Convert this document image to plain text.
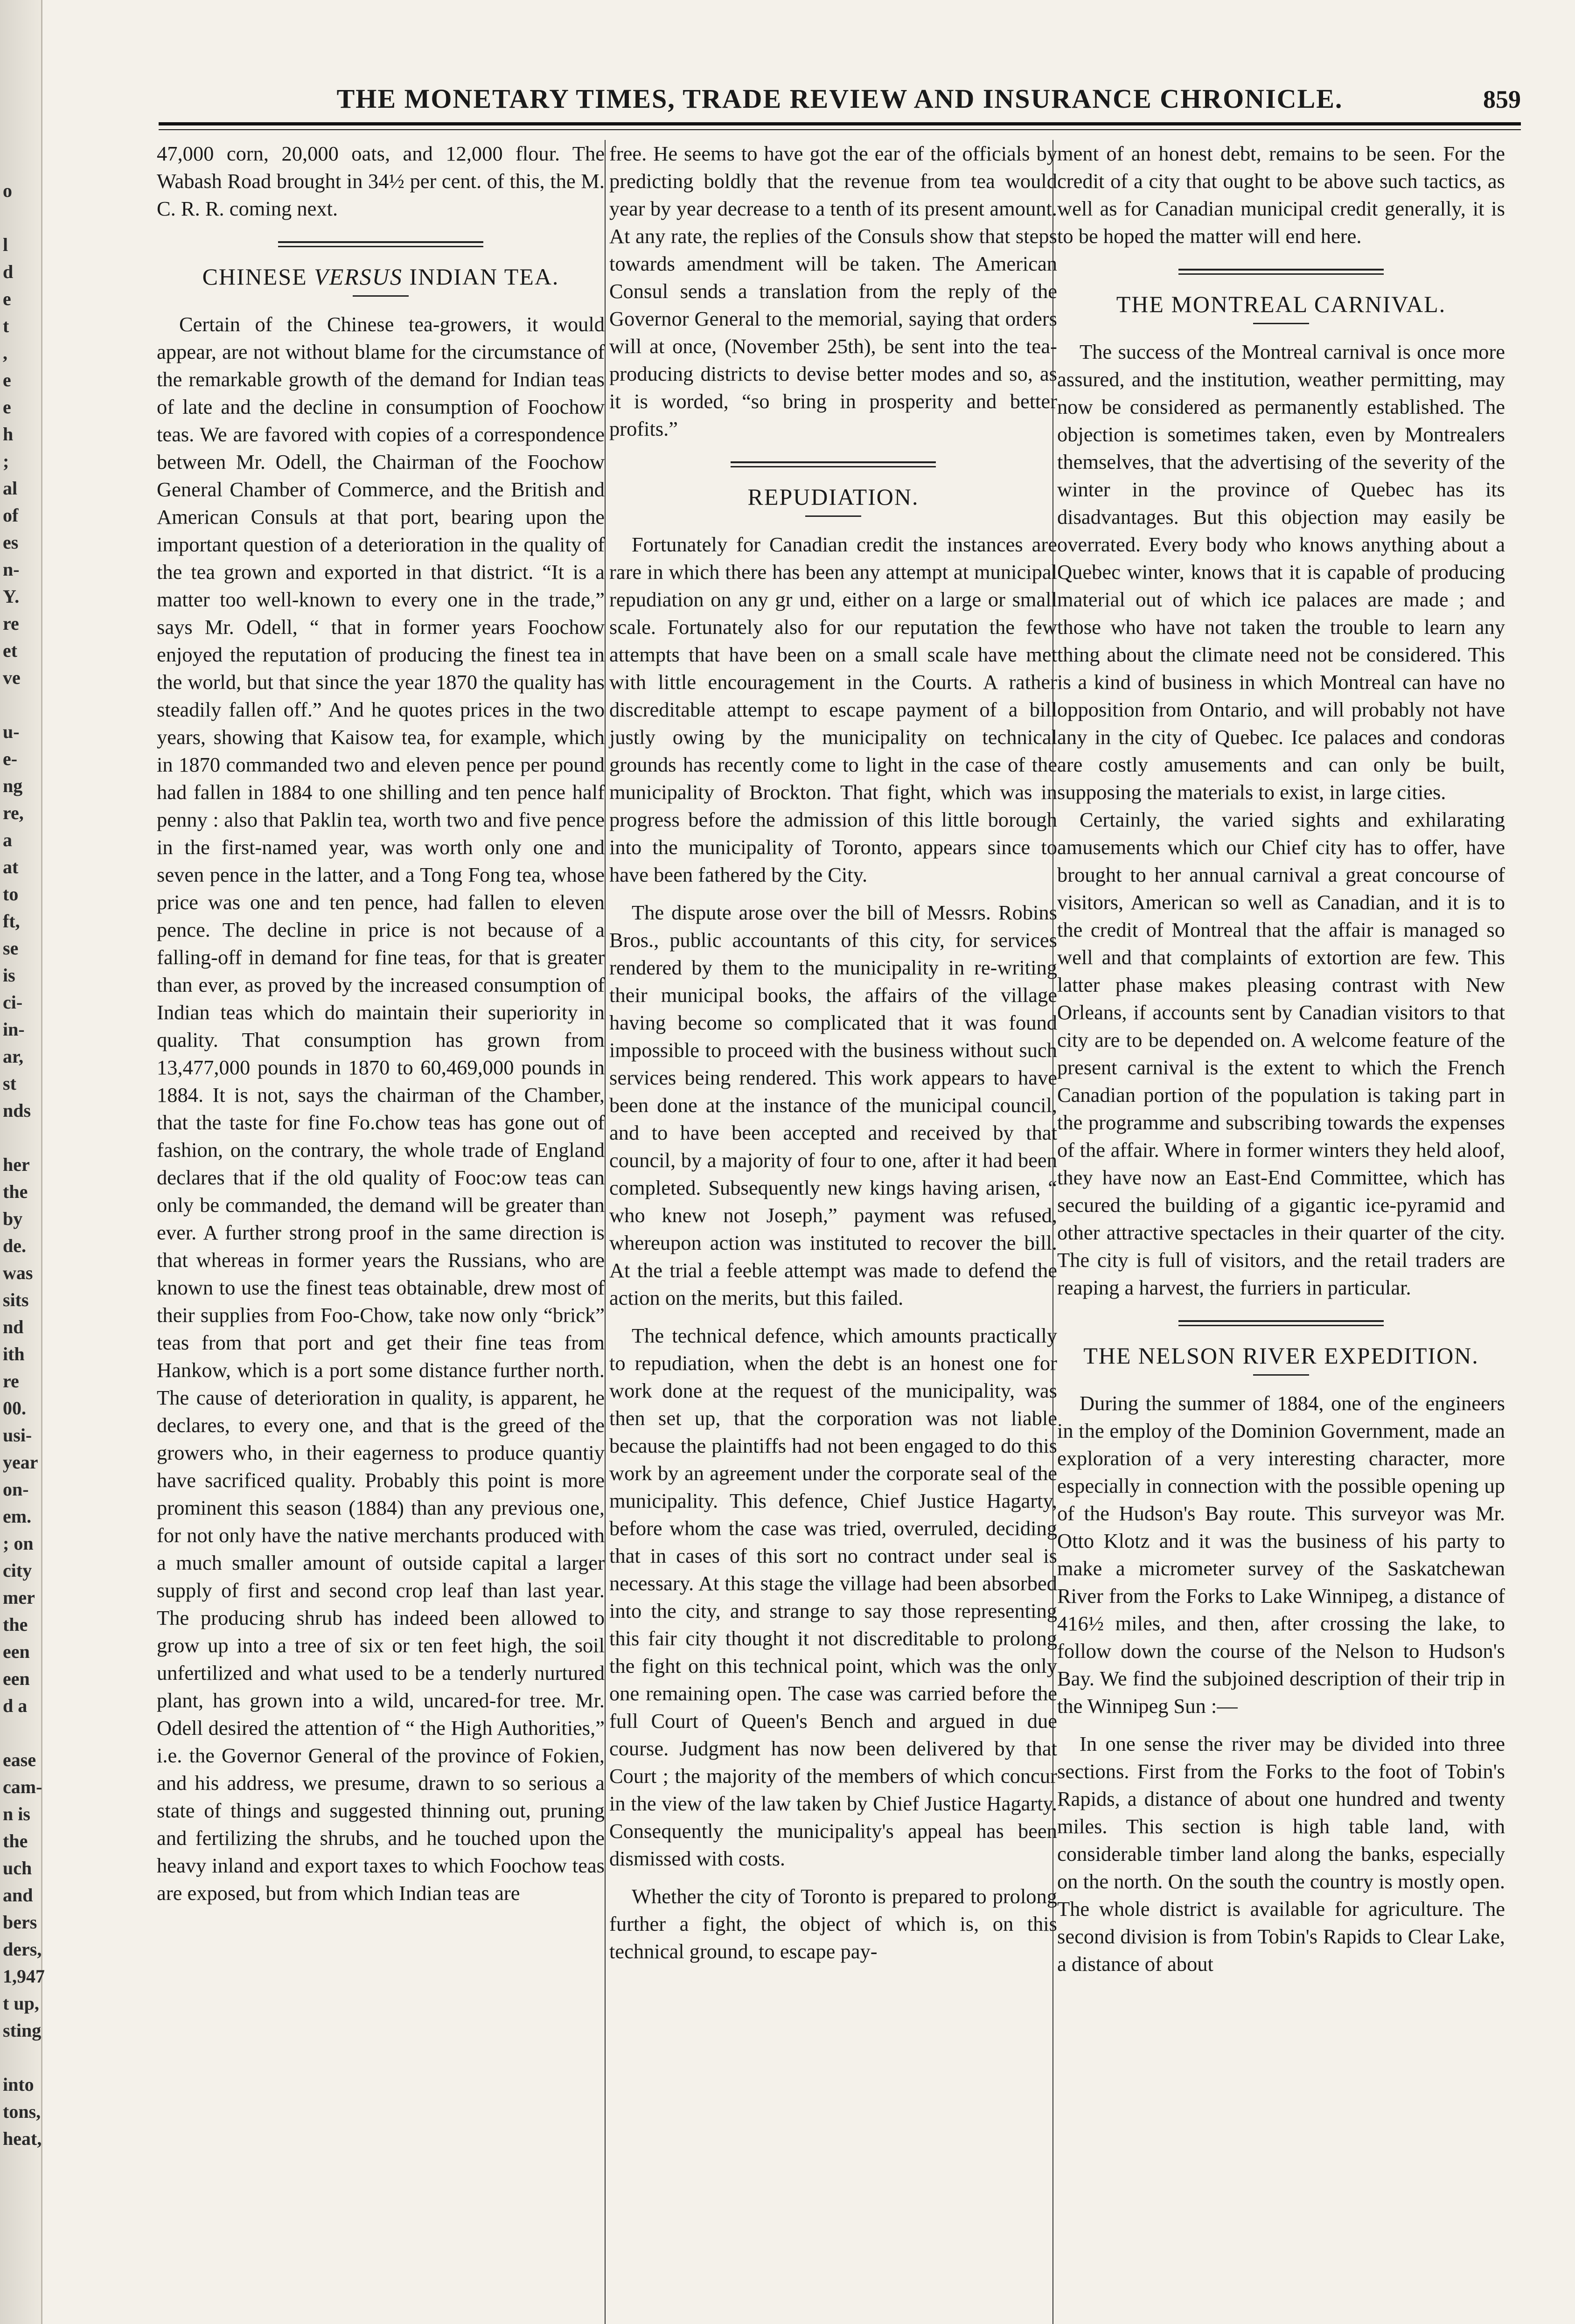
o

l
d
e
t
,
e
e
h
;
al
of
es
n-
Y.
re
et
ve

u-
e-
ng
re,
a
at
to
ft,
se
is
ci-
in-
ar,
st
nds

her
the
by
de.
was
sits
nd
ith
re
00.
usi-
year
on-
em.
; on
city
mer
the
een
een
d a

ease
cam-
n is
the
uch
and
bers
ders,
1,947
t up,
sting

into
tons,
heat,
THE MONETARY TIMES, TRADE REVIEW AND INSURANCE CHRONICLE.	859

47,000 corn, 20,000 oats, and 12,000 flour. The Wabash Road brought in 34½ per cent. of this, the M. C. R. R. coming next.

CHINESE VERSUS INDIAN TEA.

Certain of the Chinese tea-growers, it would appear, are not without blame for the circumstance of the remarkable growth of the demand for Indian teas of late and the decline in consumption of Foochow teas. We are favored with copies of a correspondence between Mr. Odell, the Chairman of the Foochow General Chamber of Commerce, and the British and American Consuls at that port, bearing upon the important question of a deterioration in the quality of the tea grown and exported in that district. “It is a matter too well-known to every one in the trade,” says Mr. Odell, “ that in former years Foochow enjoyed the reputation of producing the finest tea in the world, but that since the year 1870 the quality has steadily fallen off.” And he quotes prices in the two years, showing that Kaisow tea, for example, which in 1870 commanded two and eleven pence per pound had fallen in 1884 to one shilling and ten pence half penny : also that Paklin tea, worth two and five pence in the first-named year, was worth only one and seven pence in the latter, and a Tong Fong tea, whose price was one and ten pence, had fallen to eleven pence. The decline in price is not because of a falling-off in demand for fine teas, for that is greater than ever, as proved by the increased consumption of Indian teas which do maintain their superiority in quality. That consumption has grown from 13,477,000 pounds in 1870 to 60,469,000 pounds in 1884. It is not, says the chairman of the Chamber, that the taste for fine Fo.chow teas has gone out of fashion, on the contrary, the whole trade of England declares that if the old quality of Fooc:ow teas can only be commanded, the demand will be greater than ever. A further strong proof in the same direction is that whereas in former years the Russians, who are known to use the finest teas obtainable, drew most of their supplies from Foo-Chow, take now only “brick” teas from that port and get their fine teas from Hankow, which is a port some distance further north. The cause of deterioration in quality, is apparent, he declares, to every one, and that is the greed of the growers who, in their eagerness to produce quantiy have sacrificed quality. Probably this point is more prominent this season (1884) than any previous one, for not only have the native merchants produced with a much smaller amount of outside capital a larger supply of first and second crop leaf than last year. The producing shrub has indeed been allowed to grow up into a tree of six or ten feet high, the soil unfertilized and what used to be a tenderly nurtured plant, has grown into a wild, uncared-for tree. Mr. Odell desired the attention of “ the High Authorities,” i.e. the Governor General of the province of Fokien, and his address, we presume, drawn to so serious a state of things and suggested thinning out, pruning and fertilizing the shrubs, and he touched upon the heavy inland and export taxes to which Foochow teas are exposed, but from which Indian teas are

free. He seems to have got the ear of the officials by predicting boldly that the revenue from tea would year by year decrease to a tenth of its present amount. At any rate, the replies of the Consuls show that steps towards amendment will be taken. The American Consul sends a translation from the reply of the Governor General to the memorial, saying that orders will at once, (November 25th), be sent into the tea-producing districts to devise better modes and so, as it is worded, “so bring in prosperity and better profits.”

REPUDIATION.

Fortunately for Canadian credit the instances are rare in which there has been any attempt at municipal repudiation on any gr und, either on a large or small scale. Fortunately also for our reputation the few attempts that have been on a small scale have met with little encouragement in the Courts. A rather discreditable attempt to escape payment of a bill justly owing by the municipality on technical grounds has recently come to light in the case of the municipality of Brockton. That fight, which was in progress before the admission of this little borough into the municipality of Toronto, appears since to have been fathered by the City.

The dispute arose over the bill of Messrs. Robins Bros., public accountants of this city, for services rendered by them to the municipality in re-writing their municipal books, the affairs of the village having become so complicated that it was found impossible to proceed with the business without such services being rendered. This work appears to have been done at the instance of the municipal council, and to have been accepted and received by that council, by a majority of four to one, after it had been completed. Subsequently new kings having arisen, “ who knew not Joseph,” payment was refused, whereupon action was instituted to recover the bill. At the trial a feeble attempt was made to defend the action on the merits, but this failed.

The technical defence, which amounts practically to repudiation, when the debt is an honest one for work done at the request of the municipality, was then set up, that the corporation was not liable because the plaintiffs had not been engaged to do this work by an agreement under the corporate seal of the municipality. This defence, Chief Justice Hagarty, before whom the case was tried, overruled, deciding that in cases of this sort no contract under seal is necessary. At this stage the village had been absorbed into the city, and strange to say those representing this fair city thought it not discreditable to prolong the fight on this technical point, which was the only one remaining open. The case was carried before the full Court of Queen's Bench and argued in due course. Judgment has now been delivered by that Court ; the majority of the members of which concur in the view of the law taken by Chief Justice Hagarty. Consequently the municipality's appeal has been dismissed with costs.

Whether the city of Toronto is prepared to prolong further a fight, the object of which is, on this technical ground, to escape pay-

ment of an honest debt, remains to be seen. For the credit of a city that ought to be above such tactics, as well as for Canadian municipal credit generally, it is to be hoped the matter will end here.

THE MONTREAL CARNIVAL.

The success of the Montreal carnival is once more assured, and the institution, weather permitting, may now be considered as permanently established. The objection is sometimes taken, even by Montrealers themselves, that the advertising of the severity of the winter in the province of Quebec has its disadvantages. But this objection may easily be overrated. Every body who knows anything about a Quebec winter, knows that it is capable of producing material out of which ice palaces are made ; and those who have not taken the trouble to learn any thing about the climate need not be considered. This is a kind of business in which Montreal can have no opposition from Ontario, and will probably not have any in the city of Quebec. Ice palaces and condoras are costly amusements and can only be built, supposing the materials to exist, in large cities.

Certainly, the varied sights and exhilarating amusements which our Chief city has to offer, have brought to her annual carnival a great concourse of visitors, American so well as Canadian, and it is to the credit of Montreal that the affair is managed so well and that complaints of extortion are few. This latter phase makes pleasing contrast with New Orleans, if accounts sent by Canadian visitors to that city are to be depended on. A welcome feature of the present carnival is the extent to which the French Canadian portion of the population is taking part in the programme and subscribing towards the expenses of the affair. Where in former winters they held aloof, they have now an East-End Committee, which has secured the building of a gigantic ice-pyramid and other attractive spectacles in their quarter of the city. The city is full of visitors, and the retail traders are reaping a harvest, the furriers in particular.

THE NELSON RIVER EXPEDITION.

During the summer of 1884, one of the engineers in the employ of the Dominion Government, made an exploration of a very interesting character, more especially in connection with the possible opening up of the Hudson's Bay route. This surveyor was Mr. Otto Klotz and it was the business of his party to make a micrometer survey of the Saskatchewan River from the Forks to Lake Winnipeg, a distance of 416½ miles, and then, after crossing the lake, to follow down the course of the Nelson to Hudson's Bay. We find the subjoined description of their trip in the Winnipeg Sun :—

In one sense the river may be divided into three sections. First from the Forks to the foot of Tobin's Rapids, a distance of about one hundred and twenty miles. This section is high table land, with considerable timber land along the banks, especially on the north. On the south the country is mostly open. The whole district is available for agriculture. The second division is from Tobin's Rapids to Clear Lake, a distance of about
